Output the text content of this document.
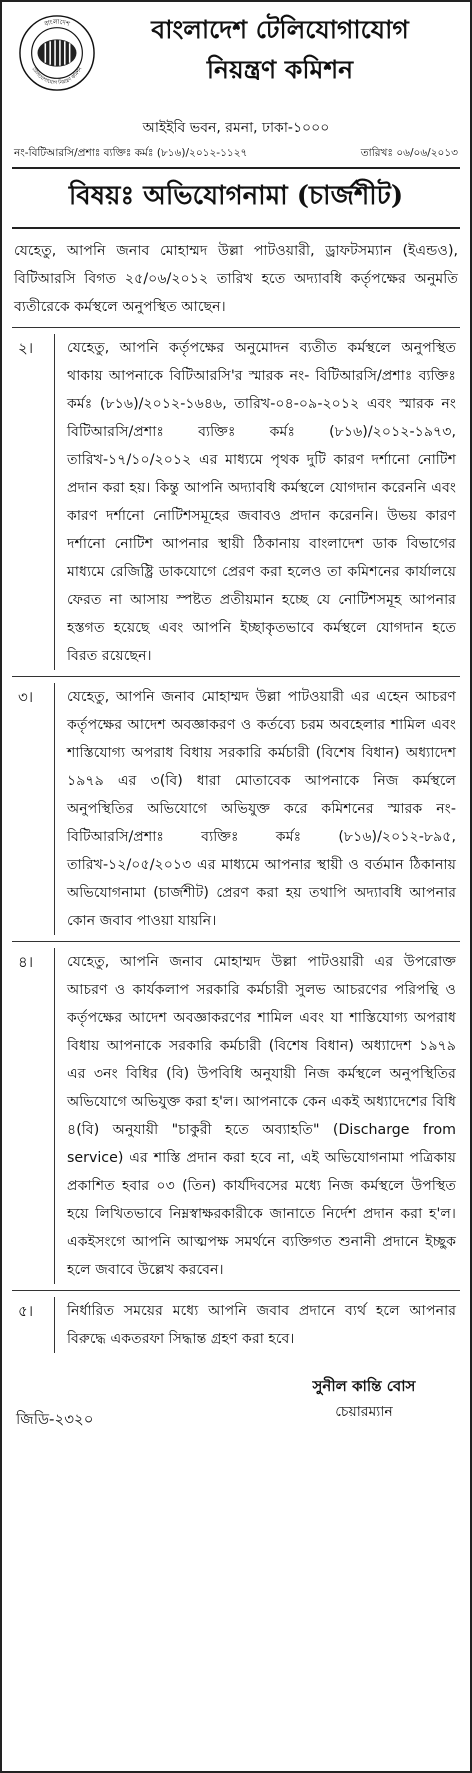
বাংলাদেশ
টেলিযোগাযোগ নিয়ন্ত্রণ কমিশন
বাংলাদেশ টেলিযোগাযোগ
নিয়ন্ত্রণ কমিশন
আইইবি ভবন, রমনা, ঢাকা-১০০০
নং-বিটিআরসি/প্রশাঃ ব্যক্তিঃ কর্মঃ (৮১৬)/২০১২-১১২৭	তারিখঃ ০৬/০৬/২০১৩
বিষয়ঃ অভিযোগনামা (চার্জশীট)
যেহেতু, আপনি জনাব মোহাম্মদ উল্লা পাটওয়ারী, ড্রাফটসম্যান (ইএন্ডও), বিটিআরসি বিগত ২৫/০৬/২০১২ তারিখ হতে অদ্যাবধি কর্তৃপক্ষের অনুমতি ব্যতীরেকে কর্মস্থলে অনুপস্থিত আছেন।
২।	যেহেতু, আপনি কর্তৃপক্ষের অনুমোদন ব্যতীত কর্মস্থলে অনুপস্থিত থাকায় আপনাকে বিটিআরসি'র স্মারক নং- বিটিআরসি/প্রশাঃ ব্যক্তিঃ কর্মঃ (৮১৬)/২০১২-১৬৪৬, তারিখ-০৪-০৯-২০১২ এবং স্মারক নং বিটিআরসি/প্রশাঃ ব্যক্তিঃ কর্মঃ (৮১৬)/২০১২-১৯৭৩, তারিখ-১৭/১০/২০১২ এর মাধ্যমে পৃথক দুটি কারণ দর্শানো নোটিশ প্রদান করা হয়। কিন্তু আপনি অদ্যাবধি কর্মস্থলে যোগদান করেননি এবং কারণ দর্শানো নোটিশসমূহের জবাবও প্রদান করেননি। উভয় কারণ দর্শানো নোটিশ আপনার স্থায়ী ঠিকানায় বাংলাদেশ ডাক বিভাগের মাধ্যমে রেজিষ্ট্রি ডাকযোগে প্রেরণ করা হলেও তা কমিশনের কার্যালয়ে ফেরত না আসায় স্পষ্টত প্রতীয়মান হচ্ছে যে নোটিশসমূহ আপনার হস্তগত হয়েছে এবং আপনি ইচ্ছাকৃতভাবে কর্মস্থলে যোগদান হতে বিরত রয়েছেন।
৩।	যেহেতু, আপনি জনাব মোহাম্মদ উল্লা পাটওয়ারী এর এহেন আচরণ কর্তৃপক্ষের আদেশ অবজ্ঞাকরণ ও কর্তব্যে চরম অবহেলার শামিল এবং শাস্তিযোগ্য অপরাধ বিধায় সরকারি কর্মচারী (বিশেষ বিধান) অধ্যাদেশ ১৯৭৯ এর ৩(বি) ধারা মোতাবেক আপনাকে নিজ কর্মস্থলে অনুপস্থিতির অভিযোগে অভিযুক্ত করে কমিশনের স্মারক নং- বিটিআরসি/প্রশাঃ ব্যক্তিঃ কর্মঃ (৮১৬)/২০১২-৮৯৫, তারিখ-১২/০৫/২০১৩ এর মাধ্যমে আপনার স্থায়ী ও বর্তমান ঠিকানায় অভিযোগনামা (চার্জশীট) প্রেরণ করা হয় তথাপি অদ্যাবধি আপনার কোন জবাব পাওয়া যায়নি।
৪।	যেহেতু, আপনি জনাব মোহাম্মদ উল্লা পাটওয়ারী এর উপরোক্ত আচরণ ও কার্যকলাপ সরকারি কর্মচারী সুলভ আচরণের পরিপন্থি ও কর্তৃপক্ষের আদেশ অবজ্ঞাকরণের শামিল এবং যা শাস্তিযোগ্য অপরাধ বিধায় আপনাকে সরকারি কর্মচারী (বিশেষ বিধান) অধ্যাদেশ ১৯৭৯ এর ৩নং বিধির (বি) উপবিধি অনুযায়ী নিজ কর্মস্থলে অনুপস্থিতির অভিযোগে অভিযুক্ত করা হ'ল। আপনাকে কেন একই অধ্যাদেশের বিধি ৪(বি) অনুযায়ী "চাকুরী হতে অব্যাহতি" (Discharge from service) এর শাস্তি প্রদান করা হবে না, এই অভিযোগনামা পত্রিকায় প্রকাশিত হবার ০৩ (তিন) কার্যদিবসের মধ্যে নিজ কর্মস্থলে উপস্থিত হয়ে লিখিতভাবে নিম্নস্বাক্ষরকারীকে জানাতে নির্দেশ প্রদান করা হ'ল। একইসংগে আপনি আত্মপক্ষ সমর্থনে ব্যক্তিগত শুনানী প্রদানে ইচ্ছুক হলে জবাবে উল্লেখ করবেন।
৫।	নির্ধারিত সময়ের মধ্যে আপনি জবাব প্রদানে ব্যর্থ হলে আপনার বিরুদ্ধে একতরফা সিদ্ধান্ত গ্রহণ করা হবে।
জিডি-২৩২০
সুনীল কান্তি বোস
চেয়ারম্যান
